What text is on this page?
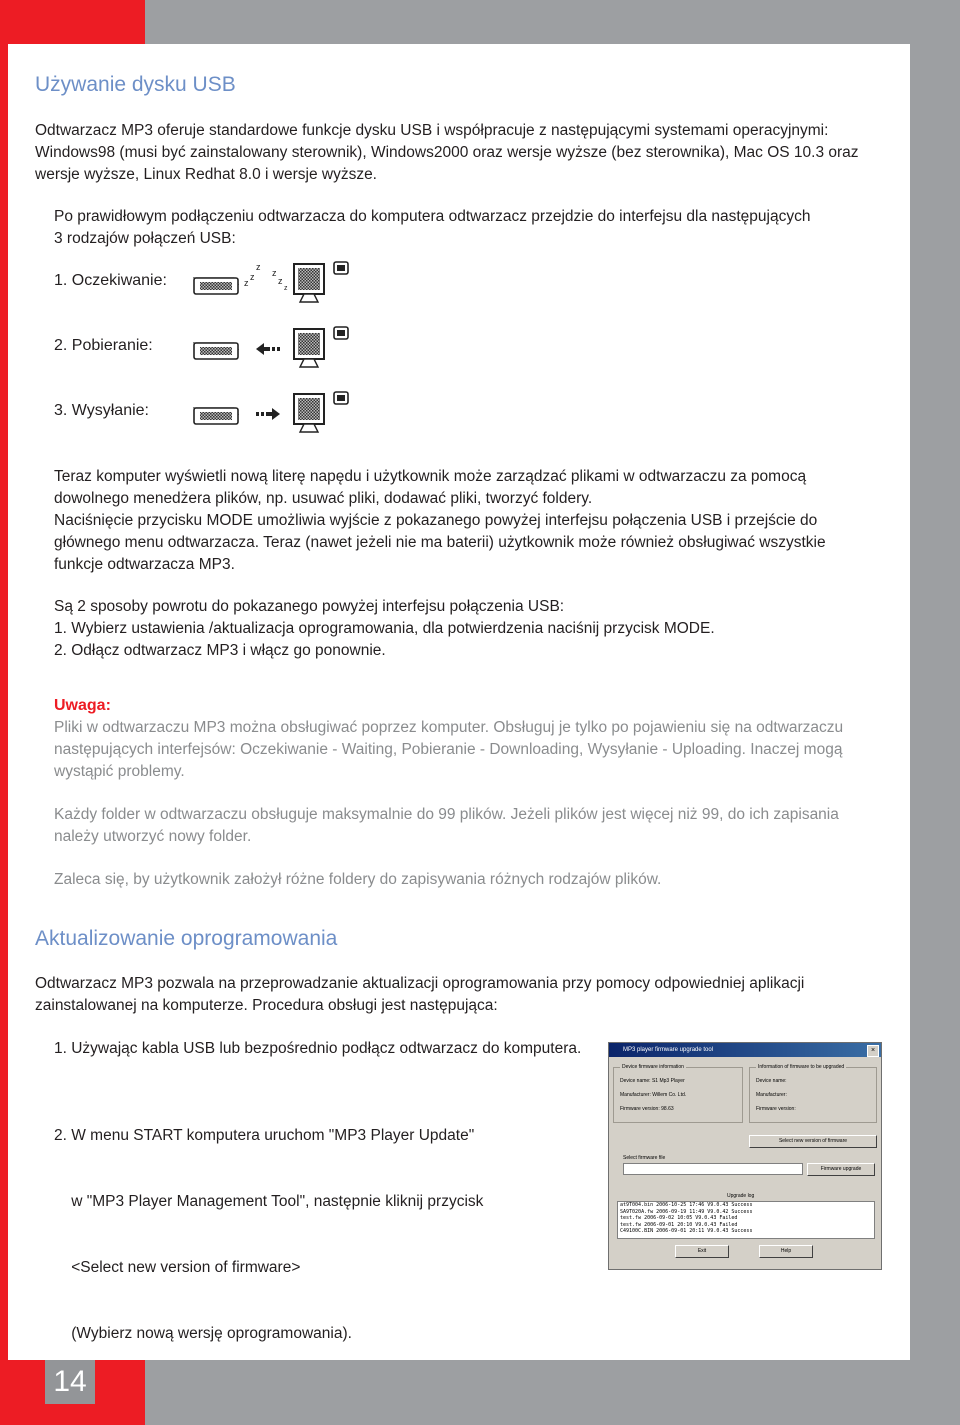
Używanie dysku USB
Odtwarzacz MP3 oferuje standardowe funkcje dysku USB i współpracuje z następującymi systemami operacyjnymi:
Windows98 (musi być zainstalowany sterownik), Windows2000 oraz wersje wyższe (bez sterownika), Mac OS 10.3 oraz
wersje wyższe, Linux Redhat 8.0 i wersje wyższe.
Po prawidłowym podłączeniu odtwarzacza do komputera odtwarzacz przejdzie do interfejsu dla następujących
3 rodzajów połączeń USB:
1. Oczekiwanie:	z
z
z
z
z
z
2. Pobieranie:
3. Wysyłanie:
Teraz komputer wyświetli nową literę napędu i użytkownik może zarządzać plikami w odtwarzaczu za pomocą
dowolnego menedżera plików, np. usuwać pliki, dodawać pliki, tworzyć foldery.
Naciśnięcie przycisku MODE umożliwia wyjście z pokazanego powyżej interfejsu połączenia USB i przejście do
głównego menu odtwarzacza. Teraz (nawet jeżeli nie ma baterii) użytkownik może również obsługiwać wszystkie
funkcje odtwarzacza MP3.
Są 2 sposoby powrotu do pokazanego powyżej interfejsu połączenia USB:
1. Wybierz ustawienia /aktualizacja oprogramowania, dla potwierdzenia naciśnij przycisk MODE.
2. Odłącz odtwarzacz MP3 i włącz go ponownie.
Uwaga:
Pliki w odtwarzaczu MP3 można obsługiwać poprzez komputer. Obsługuj je tylko po pojawieniu się na odtwarzaczu
następujących interfejsów: Oczekiwanie - Waiting, Pobieranie - Downloading, Wysyłanie - Uploading. Inaczej mogą
wystąpić problemy.
Każdy folder w odtwarzaczu obsługuje maksymalnie do 99 plików. Jeżeli plików jest więcej niż 99, do ich zapisania
należy utworzyć nowy folder.
Zaleca się, by użytkownik założył różne foldery do zapisywania różnych rodzajów plików.
Aktualizowanie oprogramowania
Odtwarzacz MP3 pozwala na przeprowadzanie aktualizacji oprogramowania przy pomocy odpowiedniej aplikacji
zainstalowanej na komputerze. Procedura obsługi jest następująca:
1. Używając kabla USB lub bezpośrednio podłącz odtwarzacz do komputera.

2. W menu START komputera uruchom "MP3 Player Update"

w "MP3 Player Management Tool", następnie kliknij przycisk

<Select new version of firmware>

(Wybierz nową wersję oprogramowania).

MP3 player firmware upgrade tool	×
Device firmware information
Device name: S1 Mp3 Player
Manufacturer: Willem Co. Ltd.
Firmware version: 98.63
Information of firmware to be upgraded
Device name:
Manufacturer:
Firmware version:
Select new version of firmware
Select firmware file
Firmware upgrade
Upgrade log
at9T004.bin 2006-10-25 17:46 V9.0.43 Success
SA9T020A.fw 2006-09-19 11:49 V9.0.42 Success
test.fw 2006-09-02 10:05 V9.0.43 Failed
test.fw 2006-09-01 20:10 V9.0.43 Failed
C49100C.BIN 2006-09-01 20:11 V9.0.43 Success
Exit	Help
14
